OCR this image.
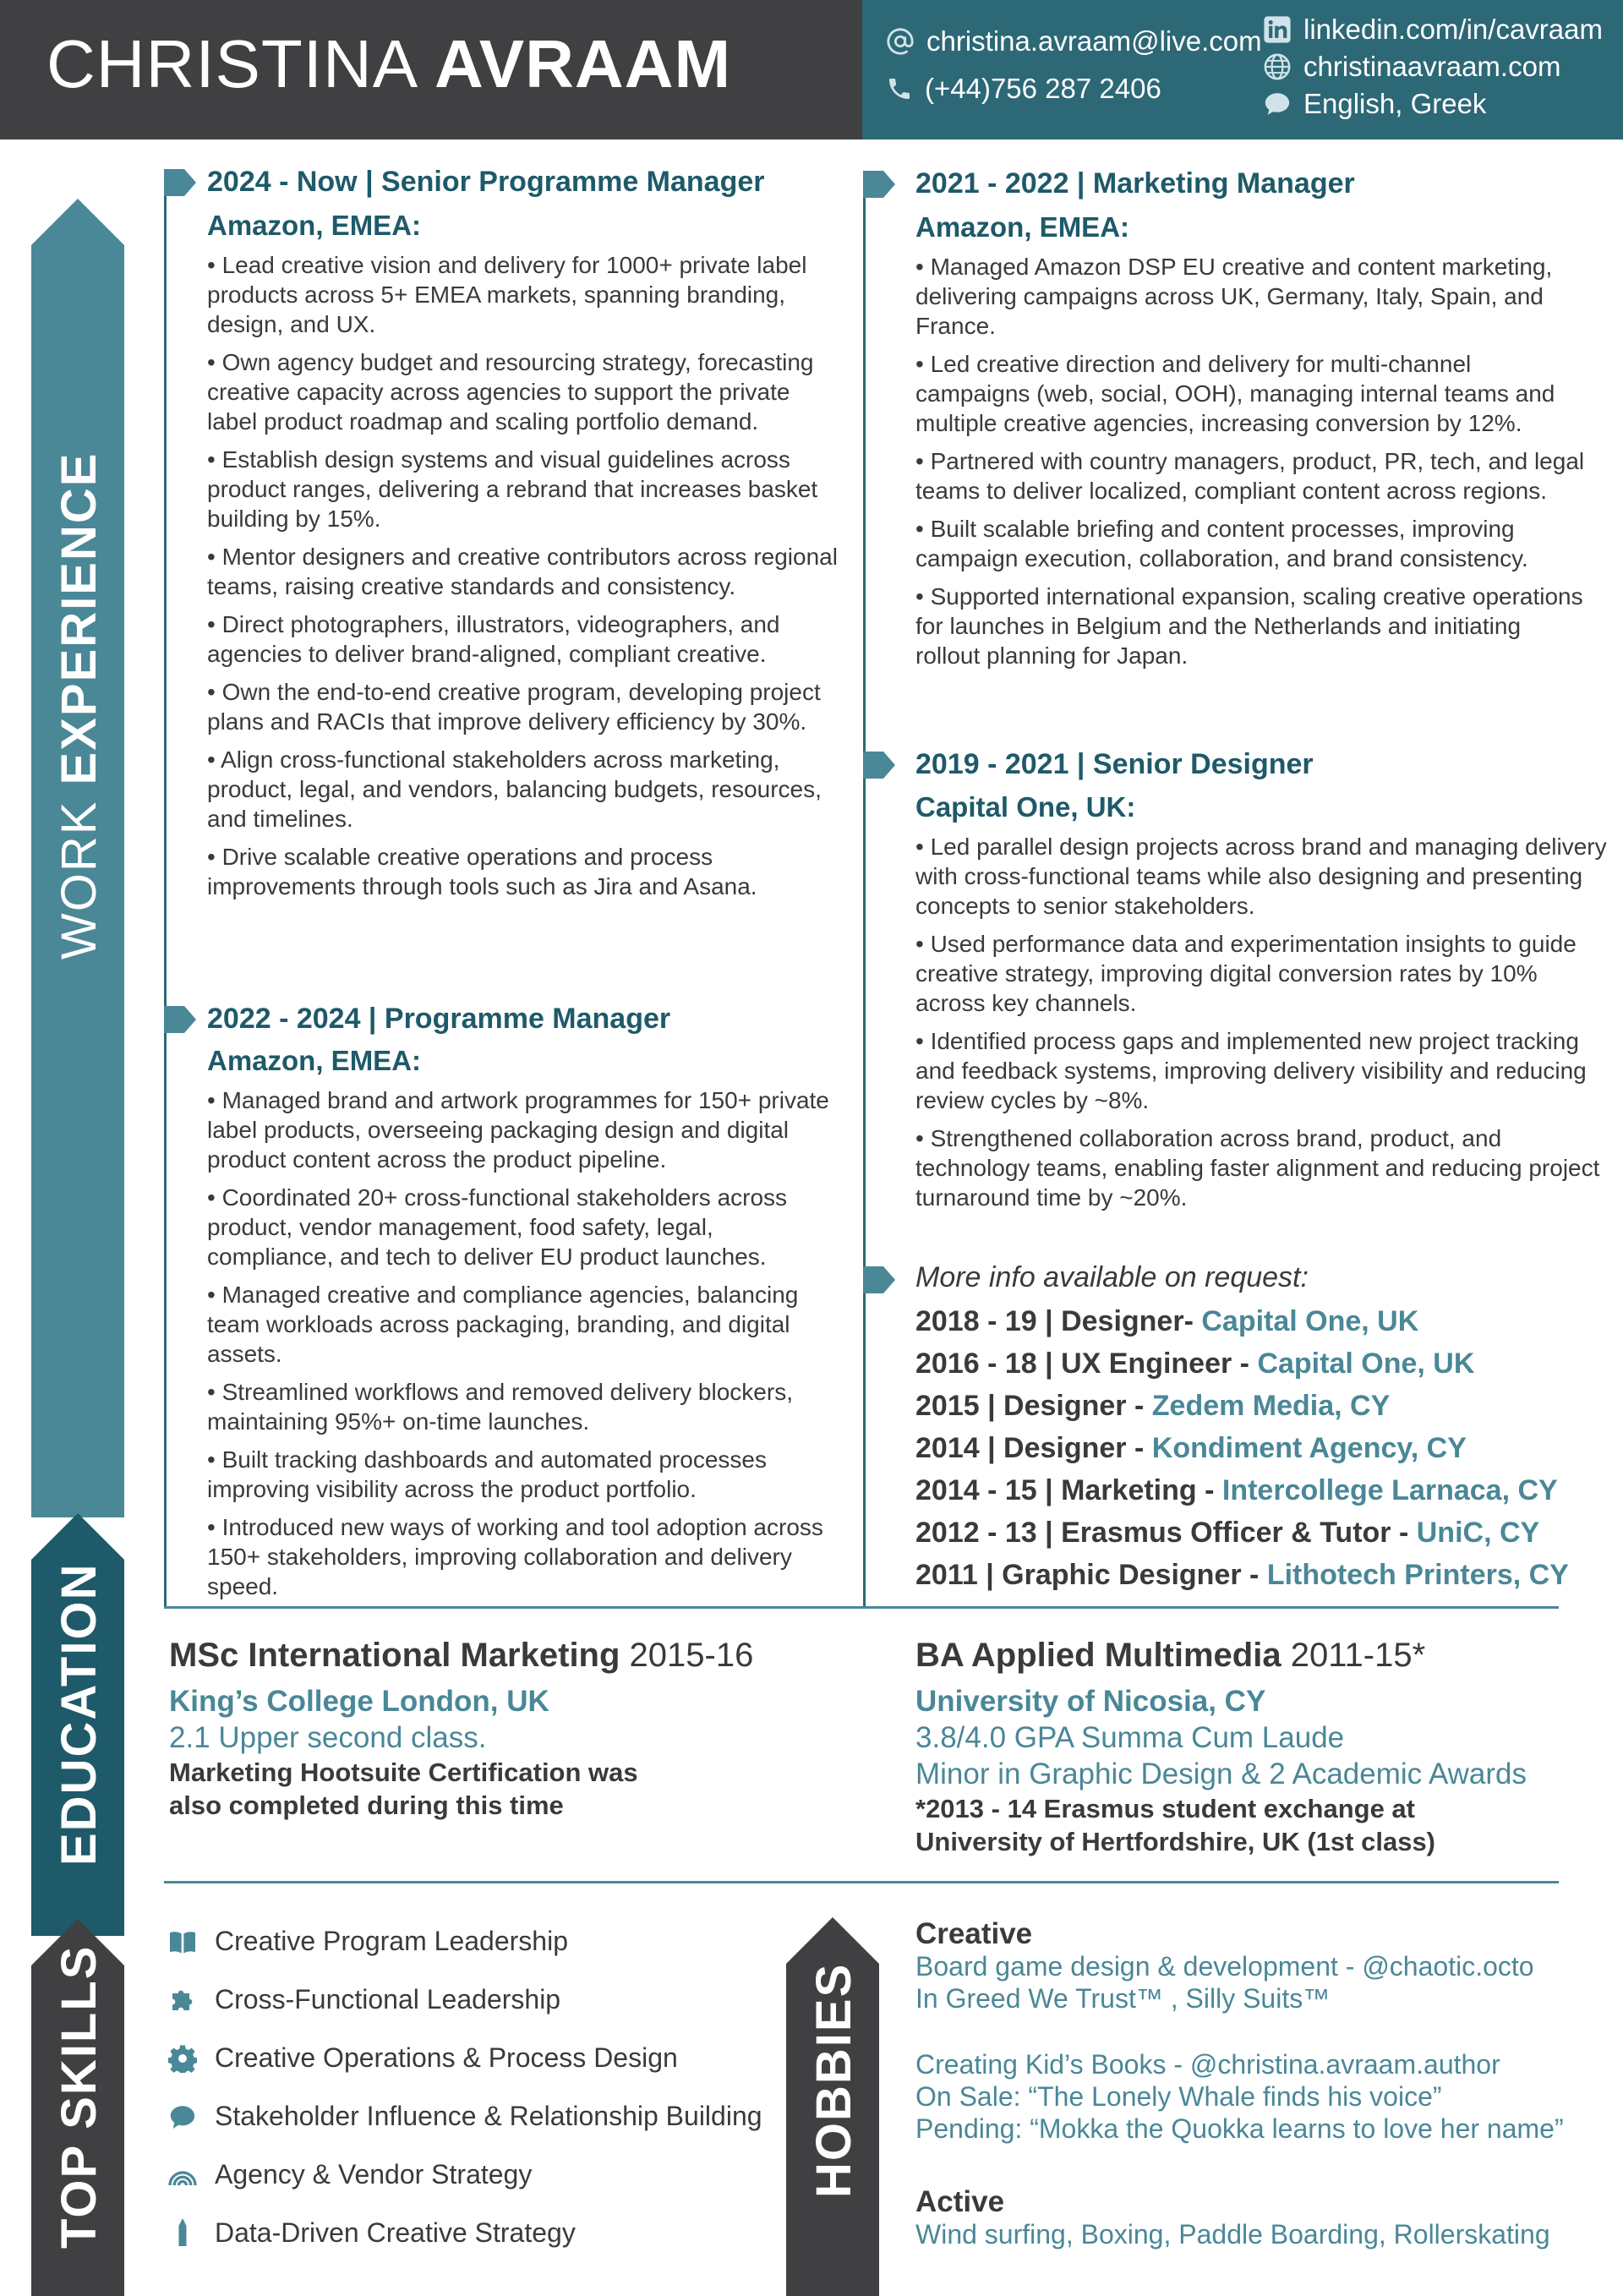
CHRISTINA AVRAAM	christina.avraam@live.com
(+44)756 287 2406
linkedin.com/in/cavraam
christinaavraam.com
English, Greek
WORK EXPERIENCE
EDUCATION
TOP SKILLS	HOBBIES
2024 - Now | Senior Programme Manager
Amazon, EMEA:
• Lead creative vision and delivery for 1000+ private label products across 5+ EMEA markets, spanning branding, design, and UX.
• Own agency budget and resourcing strategy, forecasting creative capacity across agencies to support the private label product roadmap and scaling portfolio demand.
• Establish design systems and visual guidelines across product ranges, delivering a rebrand that increases basket building by 15%.
• Mentor designers and creative contributors across regional teams, raising creative standards and consistency.
• Direct photographers, illustrators, videographers, and agencies to deliver brand-aligned, compliant creative.
• Own the end-to-end creative program, developing project plans and RACIs that improve delivery efficiency by 30%.
• Align cross-functional stakeholders across marketing, product, legal, and vendors, balancing budgets, resources, and timelines.
• Drive scalable creative operations and process improvements through tools such as Jira and Asana.
2022 - 2024 | Programme Manager
Amazon, EMEA:
• Managed brand and artwork programmes for 150+ private label products, overseeing packaging design and digital product content across the product pipeline.
• Coordinated 20+ cross-functional stakeholders across product, vendor management, food safety, legal, compliance, and tech to deliver EU product launches.
• Managed creative and compliance agencies, balancing team workloads across packaging, branding, and digital assets.
• Streamlined workflows and removed delivery blockers, maintaining 95%+ on-time launches.
• Built tracking dashboards and automated processes improving visibility across the product portfolio.
• Introduced new ways of working and tool adoption across 150+ stakeholders, improving collaboration and delivery speed.
2021 - 2022 | Marketing Manager
Amazon, EMEA:
• Managed Amazon DSP EU creative and content marketing, delivering campaigns across UK, Germany, Italy, Spain, and France.
• Led creative direction and delivery for multi-channel campaigns (web, social, OOH), managing internal teams and multiple creative agencies, increasing conversion by 12%.
• Partnered with country managers, product, PR, tech, and legal teams to deliver localized, compliant content across regions.
• Built scalable briefing and content processes, improving campaign execution, collaboration, and brand consistency.
• Supported international expansion, scaling creative operations for launches in Belgium and the Netherlands and initiating rollout planning for Japan.
2019 - 2021 | Senior Designer
Capital One, UK:
• Led parallel design projects across brand and managing delivery with cross-functional teams while also designing and presenting concepts to senior stakeholders.
• Used performance data and experimentation insights to guide creative strategy, improving digital conversion rates by 10% across key channels.
• Identified process gaps and implemented new project tracking and feedback systems, improving delivery visibility and reducing review cycles by ~8%.
• Strengthened collaboration across brand, product, and technology teams, enabling faster alignment and reducing project turnaround time by ~20%.
More info available on request:
2018 - 19 | Designer- Capital One, UK
2016 - 18 | UX Engineer - Capital One, UK
2015 | Designer - Zedem Media, CY
2014 | Designer - Kondiment Agency, CY
2014 - 15 | Marketing - Intercollege Larnaca, CY
2012 - 13 | Erasmus Officer & Tutor - UniC, CY
2011 | Graphic Designer - Lithotech Printers, CY
MSc International Marketing 2015-16
King’s College London, UK
2.1 Upper second class.
Marketing Hootsuite Certification was also completed during this time
BA Applied Multimedia 2011-15*
University of Nicosia, CY
3.8/4.0 GPA Summa Cum Laude
Minor in Graphic Design & 2 Academic Awards
*2013 - 14 Erasmus student exchange at University of Hertfordshire, UK (1st class)
Creative Program Leadership
Cross-Functional Leadership
Creative Operations & Process Design
Stakeholder Influence & Relationship Building
Agency & Vendor Strategy
Data-Driven Creative Strategy
Creative
Board game design & development - @chaotic.octo
In Greed We Trust™ , Silly Suits™
Creating Kid’s Books - @christina.avraam.author
On Sale: “The Lonely Whale finds his voice”
Pending: “Mokka the Quokka learns to love her name”
Active
Wind surfing, Boxing, Paddle Boarding, Rollerskating
